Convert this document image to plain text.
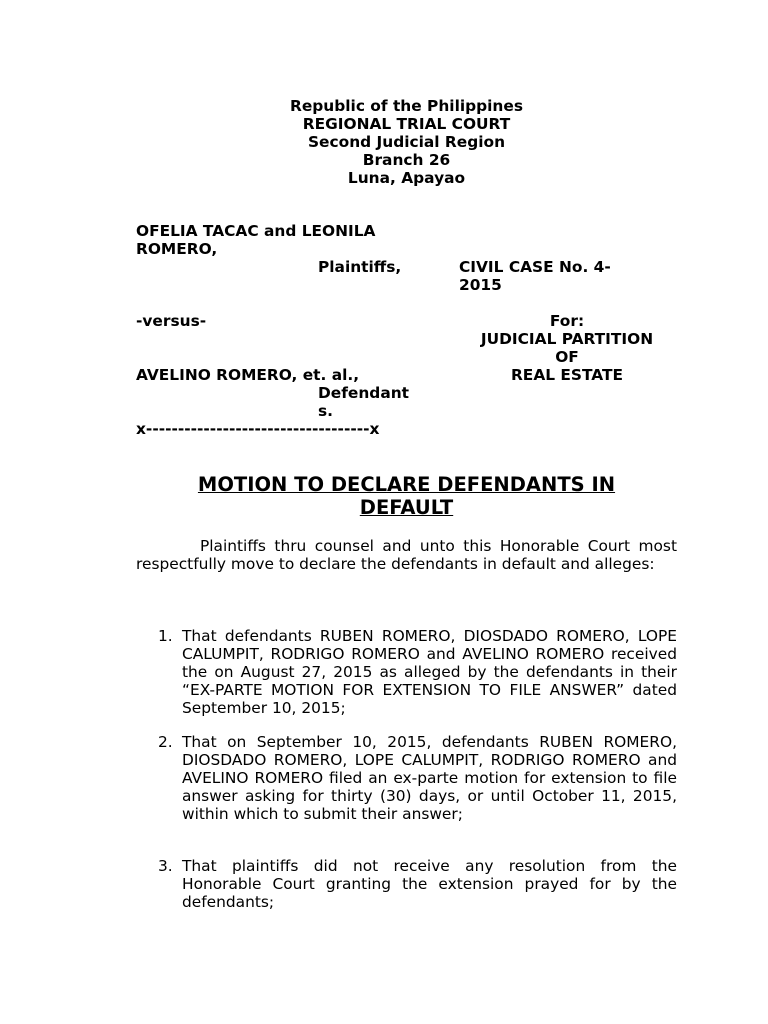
Republic of the Philippines
REGIONAL TRIAL COURT
Second Judicial Region
Branch 26
Luna, Apayao
OFELIA TACAC and LEONILA
ROMERO,
Plaintiffs,	CIVIL CASE No. 4-
2015
-versus-	For:
JUDICIAL PARTITION
OF
REAL ESTATE
AVELINO ROMERO, et. al.,
Defendant
s.
x-----------------------------------x
MOTION TO DECLARE DEFENDANTS IN
DEFAULT
Plaintiffs thru counsel and unto this Honorable Court most respectfully move to declare the defendants in default and alleges:
1. That defendants RUBEN ROMERO, DIOSDADO ROMERO, LOPE CALUMPIT, RODRIGO ROMERO and AVELINO ROMERO received the on August 27, 2015 as alleged by the defendants in their “EX-PARTE MOTION FOR EXTENSION TO FILE ANSWER” dated September 10, 2015;
2. That on September 10, 2015, defendants RUBEN ROMERO, DIOSDADO ROMERO, LOPE CALUMPIT, RODRIGO ROMERO and AVELINO ROMERO filed an ex-parte motion for extension to file answer asking for thirty (30) days, or until October 11, 2015, within which to submit their answer;
3. That plaintiffs did not receive any resolution from the Honorable Court granting the extension prayed for by the defendants;
